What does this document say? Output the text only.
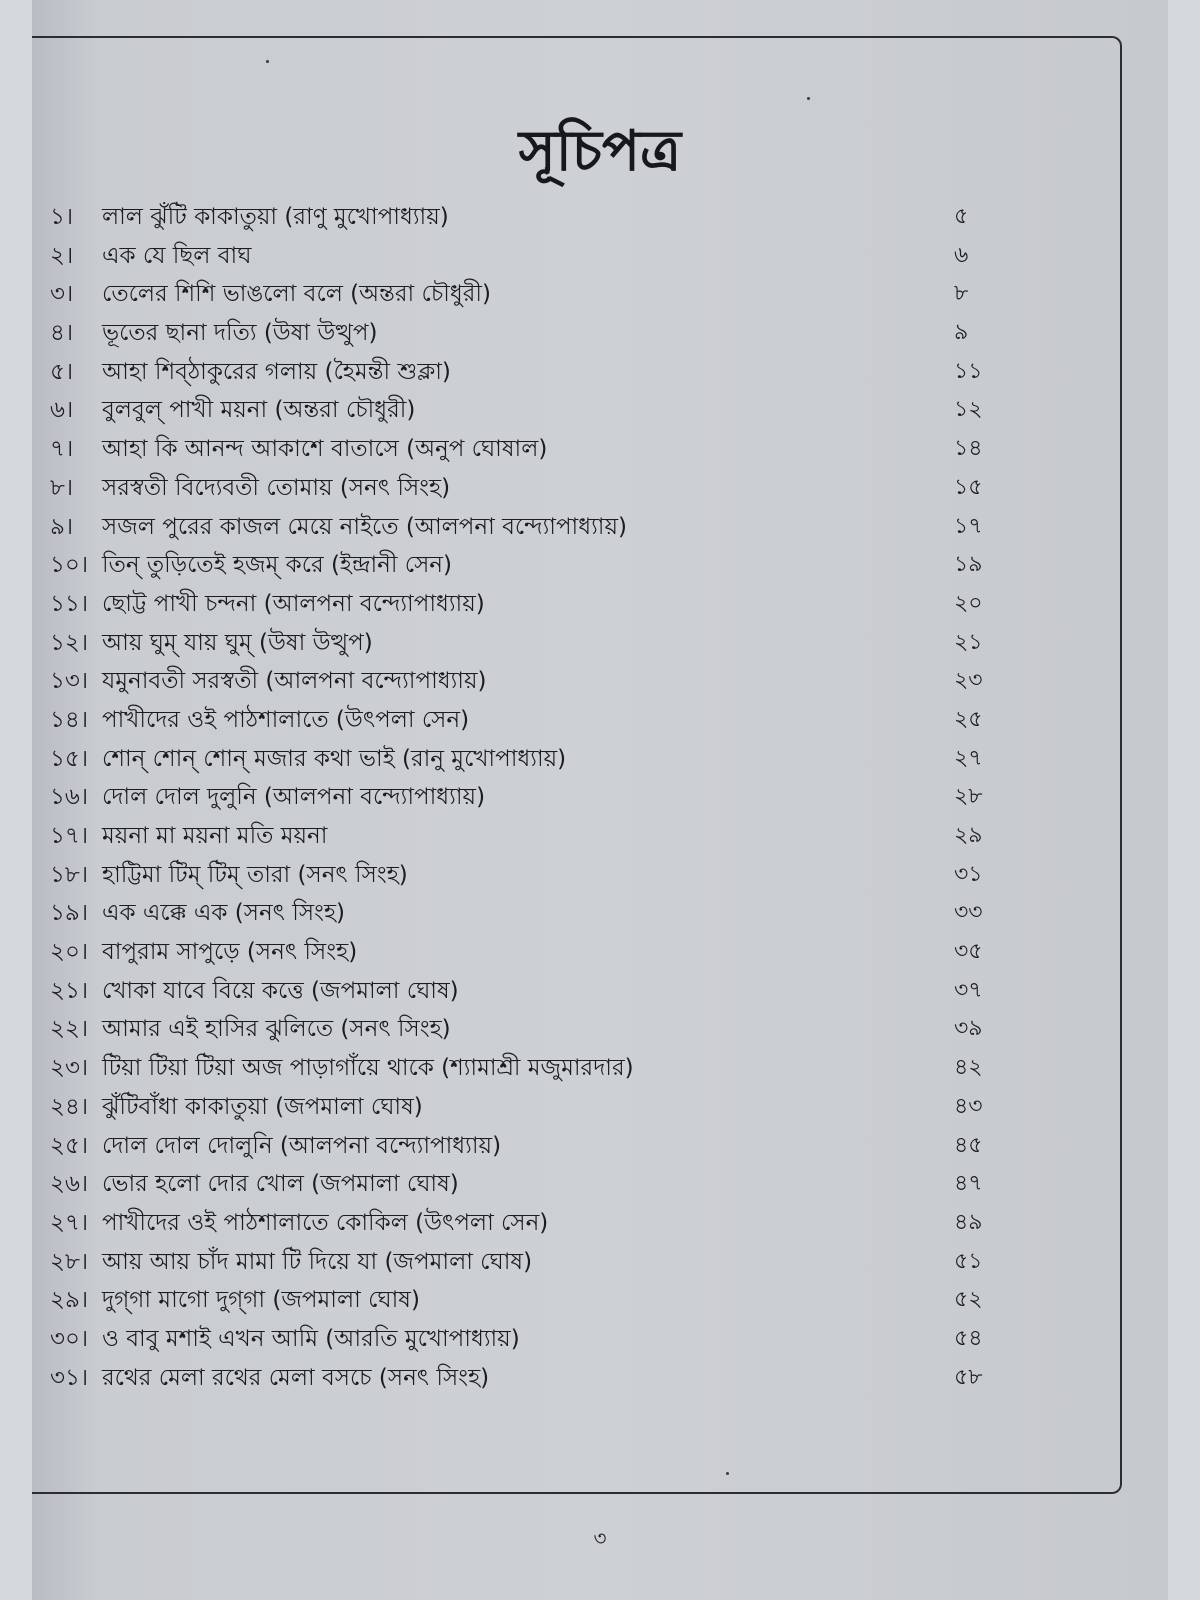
সূচিপত্র
১। লাল ঝুঁটি কাকাতুয়া (রাণু মুখোপাধ্যায়)	৫
২। এক যে ছিল বাঘ	৬
৩। তেলের শিশি ভাঙলো বলে (অন্তরা চৌধুরী)	৮
৪। ভূতের ছানা দত্যি (উষা উত্থুপ)	৯
৫। আহা শিব্‌ঠাকুরের গলায় (হৈমন্তী শুক্লা)	১১
৬। বুলবুল্ পাখী ময়না (অন্তরা চৌধুরী)	১২
৭। আহা কি আনন্দ আকাশে বাতাসে (অনুপ ঘোষাল)	১৪
৮। সরস্বতী বিদ্যেবতী তোমায় (সনৎ সিংহ)	১৫
৯। সজল পুরের কাজল মেয়ে নাইতে (আলপনা বন্দ্যোপাধ্যায়)	১৭
১০। তিন্ তুড়িতেই হজম্ করে (ইন্দ্রানী সেন)	১৯
১১। ছোট্ট পাখী চন্দনা (আলপনা বন্দ্যোপাধ্যায়)	২০
১২। আয় ঘুম্ যায় ঘুম্ (উষা উত্থুপ)	২১
১৩। যমুনাবতী সরস্বতী (আলপনা বন্দ্যোপাধ্যায়)	২৩
১৪। পাখীদের ওই পাঠশালাতে (উৎপলা সেন)	২৫
১৫। শোন্ শোন্ শোন্ মজার কথা ভাই (রানু মুখোপাধ্যায়)	২৭
১৬। দোল দোল দুলুনি (আলপনা বন্দ্যোপাধ্যায়)	২৮
১৭। ময়না মা ময়না মতি ময়না	২৯
১৮। হাট্টিমা টিম্ টিম্ তারা (সনৎ সিংহ)	৩১
১৯। এক এক্কে এক (সনৎ সিংহ)	৩৩
২০। বাপুরাম সাপুড়ে (সনৎ সিংহ)	৩৫
২১। খোকা যাবে বিয়ে কত্তে (জপমালা ঘোষ)	৩৭
২২। আমার এই হাসির ঝুলিতে (সনৎ সিংহ)	৩৯
২৩। টিয়া টিয়া টিয়া অজ পাড়াগাঁয়ে থাকে (শ্যামাশ্রী মজুমারদার)	৪২
২৪। ঝুঁটিবাঁধা কাকাতুয়া (জপমালা ঘোষ)	৪৩
২৫। দোল দোল দোলুনি (আলপনা বন্দ্যোপাধ্যায়)	৪৫
২৬। ভোর হলো দোর খোল (জপমালা ঘোষ)	৪৭
২৭। পাখীদের ওই পাঠশালাতে কোকিল (উৎপলা সেন)	৪৯
২৮। আয় আয় চাঁদ মামা টি দিয়ে যা (জপমালা ঘোষ)	৫১
২৯। দুগ্‌গা মাগো দুগ্‌গা (জপমালা ঘোষ)	৫২
৩০। ও বাবু মশাই এখন আমি (আরতি মুখোপাধ্যায়)	৫৪
৩১। রথের মেলা রথের মেলা বসচে (সনৎ সিংহ)	৫৮
৩
